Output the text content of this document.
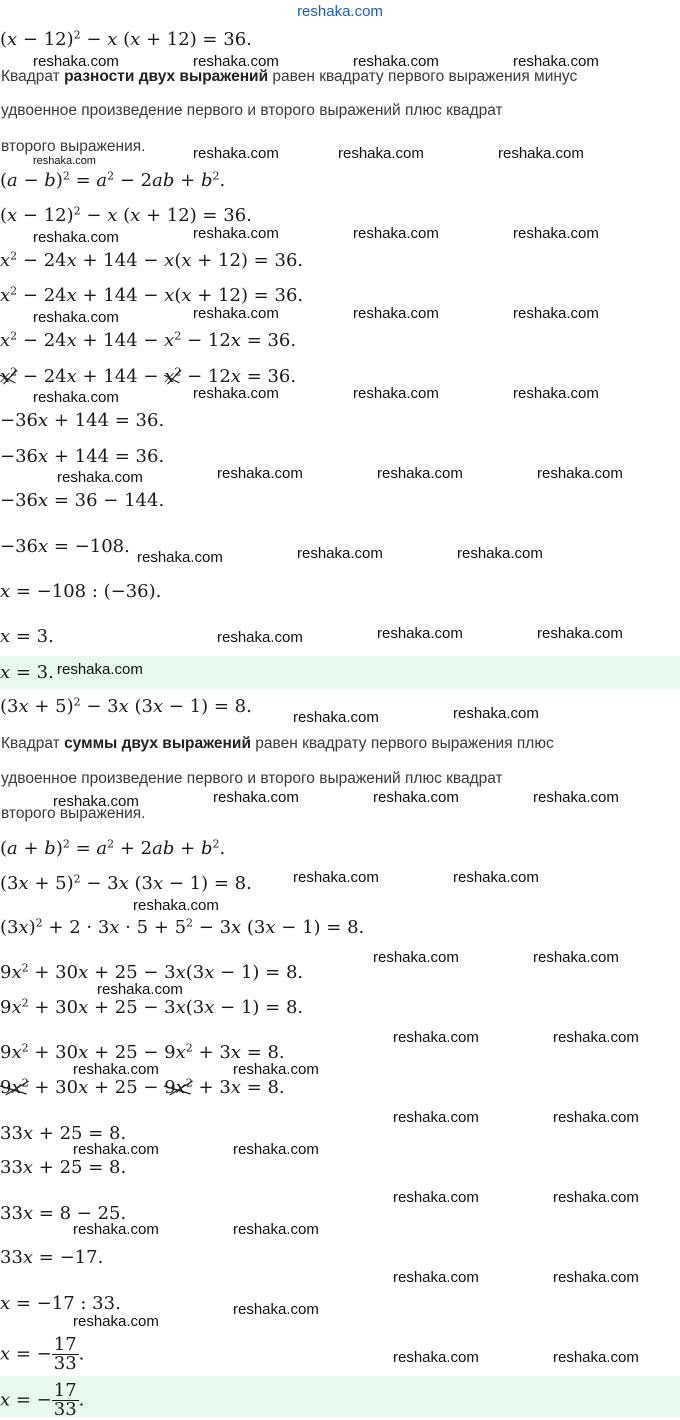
reshaka.com
$(x - 12)^2 - x$ (x + 12) = 36.
Квадрат разности двух выражений равен квадрату первого выражения минус
удвоенное произведение первого и второго выражений плюс квадрат
второго выражения.
$(a - b)^2 = a^2 - 2ab + b^2$.
$(x - 12)^2 - x$ (x + 12) = 36.
$x^2 - 24x + 144 - x(x + 12) = 36$.
$x^2 - 24x + 144 - x(x + 12) = 36$.
$x^2 - 24x + 144 - x^2 - 12x = 36$.
$x^2 - 24x + 144 - x^2 - 12x = 36$.
−36x + 144 = 36.
−36x + 144 = 36.
−36x = 36 − 144.
−36x = −108.
x = −108 : (−36).
x = 3.
x = 3.
$(3x + 5)^2 - 3x$ (3x − 1) = 8.
Квадрат суммы двух выражений равен квадрату первого выражения плюс
удвоенное произведение первого и второго выражений плюс квадрат
второго выражения.
$(a + b)^2 = a^2 + 2ab + b^2$.
$(3x + 5)^2 - 3x$ (3x − 1) = 8.
$(3x)^2 + 2 \cdot 3x \cdot 5 + 5^2 - 3x$ (3x − 1) = 8.
$9x^2 + 30x + 25 - 3x(3x - 1) = 8$.
$9x^2 + 30x + 25 - 3x(3x - 1) = 8$.
$9x^2 + 30x + 25 - 9x^2 + 3x = 8$.
$9x^2 + 30x + 25 - 9x^2 + 3x = 8$.
33x + 25 = 8.
33x + 25 = 8.
33x = 8 − 25.
33x = −17.
x = −17 : 33.
x = − $\frac{17}{33}$ .
x = − $\frac{17}{33}$ .
reshaka.com	reshaka.com	reshaka.com	reshaka.com
reshaka.com	reshaka.com	reshaka.com
reshaka.com
reshaka.com	reshaka.com	reshaka.com	reshaka.com
reshaka.com	reshaka.com	reshaka.com	reshaka.com
reshaka.com	reshaka.com	reshaka.com	reshaka.com
reshaka.com	reshaka.com	reshaka.com	reshaka.com
reshaka.com	reshaka.com	reshaka.com
reshaka.com	reshaka.com	reshaka.com
reshaka.com
reshaka.com	reshaka.com
reshaka.com	reshaka.com	reshaka.com	reshaka.com
reshaka.com	reshaka.com
reshaka.com
reshaka.com	reshaka.com
reshaka.com
reshaka.com	reshaka.com
reshaka.com	reshaka.com
reshaka.com	reshaka.com
reshaka.com	reshaka.com
reshaka.com	reshaka.com
reshaka.com	reshaka.com
reshaka.com	reshaka.com
reshaka.com
reshaka.com
reshaka.com	reshaka.com
